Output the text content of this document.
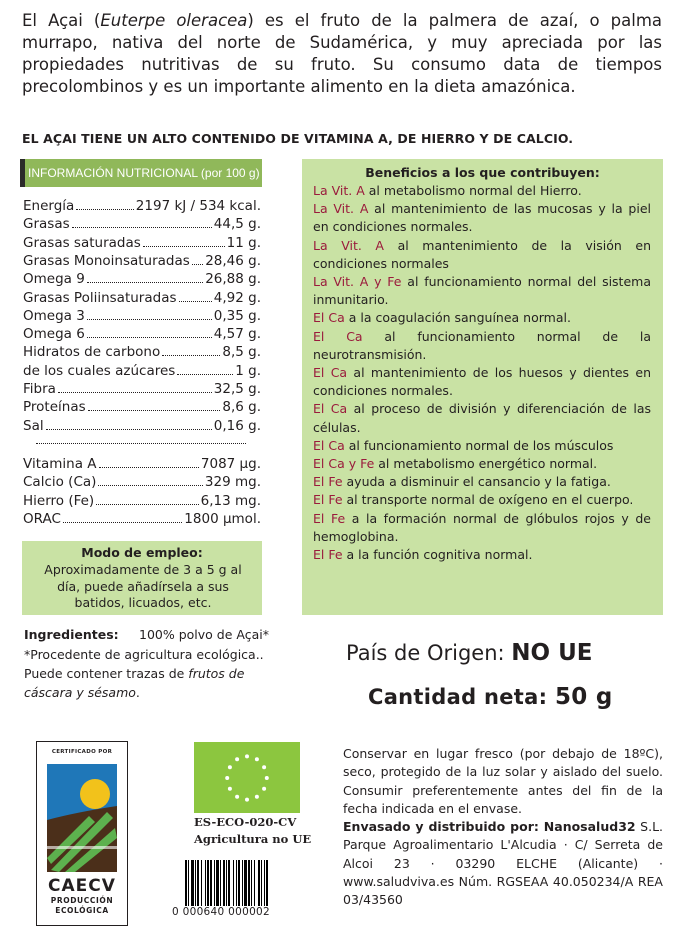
El Açai (Euterpe oleracea) es el fruto de la palmera de azaí, o palma murrapo, nativa del norte de Sudamérica, y muy apreciada por las propiedades nutritivas de su fruto. Su consumo data de tiempos precolombinos y es un importante alimento en la dieta amazónica.

EL AÇAI TIENE UN ALTO CONTENIDO DE VITAMINA A, DE HIERRO Y DE CALCIO.
INFORMACIÓN NUTRICIONAL (por 100 g)
Energía	2197 kJ / 534 kcal.
Grasas	44,5 g.
Grasas saturadas	11 g.
Grasas Monoinsaturadas 28,46 g.
Omega 9	26,88 g.
Grasas Poliinsaturadas	4,92 g.
Omega 3	0,35 g.
Omega 6	4,57 g.
Hidratos de carbono	8,5 g.
de los cuales azúcares	1 g.
Fibra	32,5 g.
Proteínas	8,6 g.
Sal	0,16 g.
Vitamina A	7087 μg.
Calcio (Ca)	329 mg.
Hierro (Fe)	6,13 mg.
ORAC	1800 μmol.
Modo de empleo:
Aproximadamente de 3 a 5 g al día, puede añadírsela a sus batidos, licuados, etc.
Beneficios a los que contribuyen:

La Vit. A al metabolismo normal del Hierro.

La Vit. A al mantenimiento de las mucosas y la piel en condiciones normales.

La Vit. A al mantenimiento de la visión en condiciones normales

La Vit. A y Fe al funcionamiento normal del sistema inmunitario.

El Ca a la coagulación sanguínea normal.

El Ca al funcionamiento normal de la neurotransmisión.

El Ca al mantenimiento de los huesos y dientes en condiciones normales.

El Ca al proceso de división y diferenciación de las células.

El Ca al funcionamiento normal de los músculos

El Ca y Fe al metabolismo energético normal.

El Fe ayuda a disminuir el cansancio y la fatiga.

El Fe al transporte normal de oxígeno en el cuerpo.

El Fe a la formación normal de glóbulos rojos y de hemoglobina.

El Fe a la función cognitiva normal.

Ingredientes: 100% polvo de Açai*

*Procedente de agricultura ecológica..
Puede contener trazas de frutos de cáscara y sésamo.

País de Origen: NO UE
Cantidad neta: 50 g
CERTIFICADO POR
CAECV
PRODUCCIÓN
ECOLÓGICA
ES-ECO-020-CV
Agricultura no UE
0 000640 000002

Conservar en lugar fresco (por debajo de 18ºC), seco, protegido de la luz solar y aislado del suelo. Consumir preferentemente antes del fin de la fecha indicada en el envase.
Envasado y distribuido por: Nanosalud32 S.L. Parque Agroalimentario L'Alcudia · C/ Serreta de Alcoi 23 · 03290 ELCHE (Alicante) · www.saludviva.es Núm. RGSEAA 40.050234/A REA 03/43560
